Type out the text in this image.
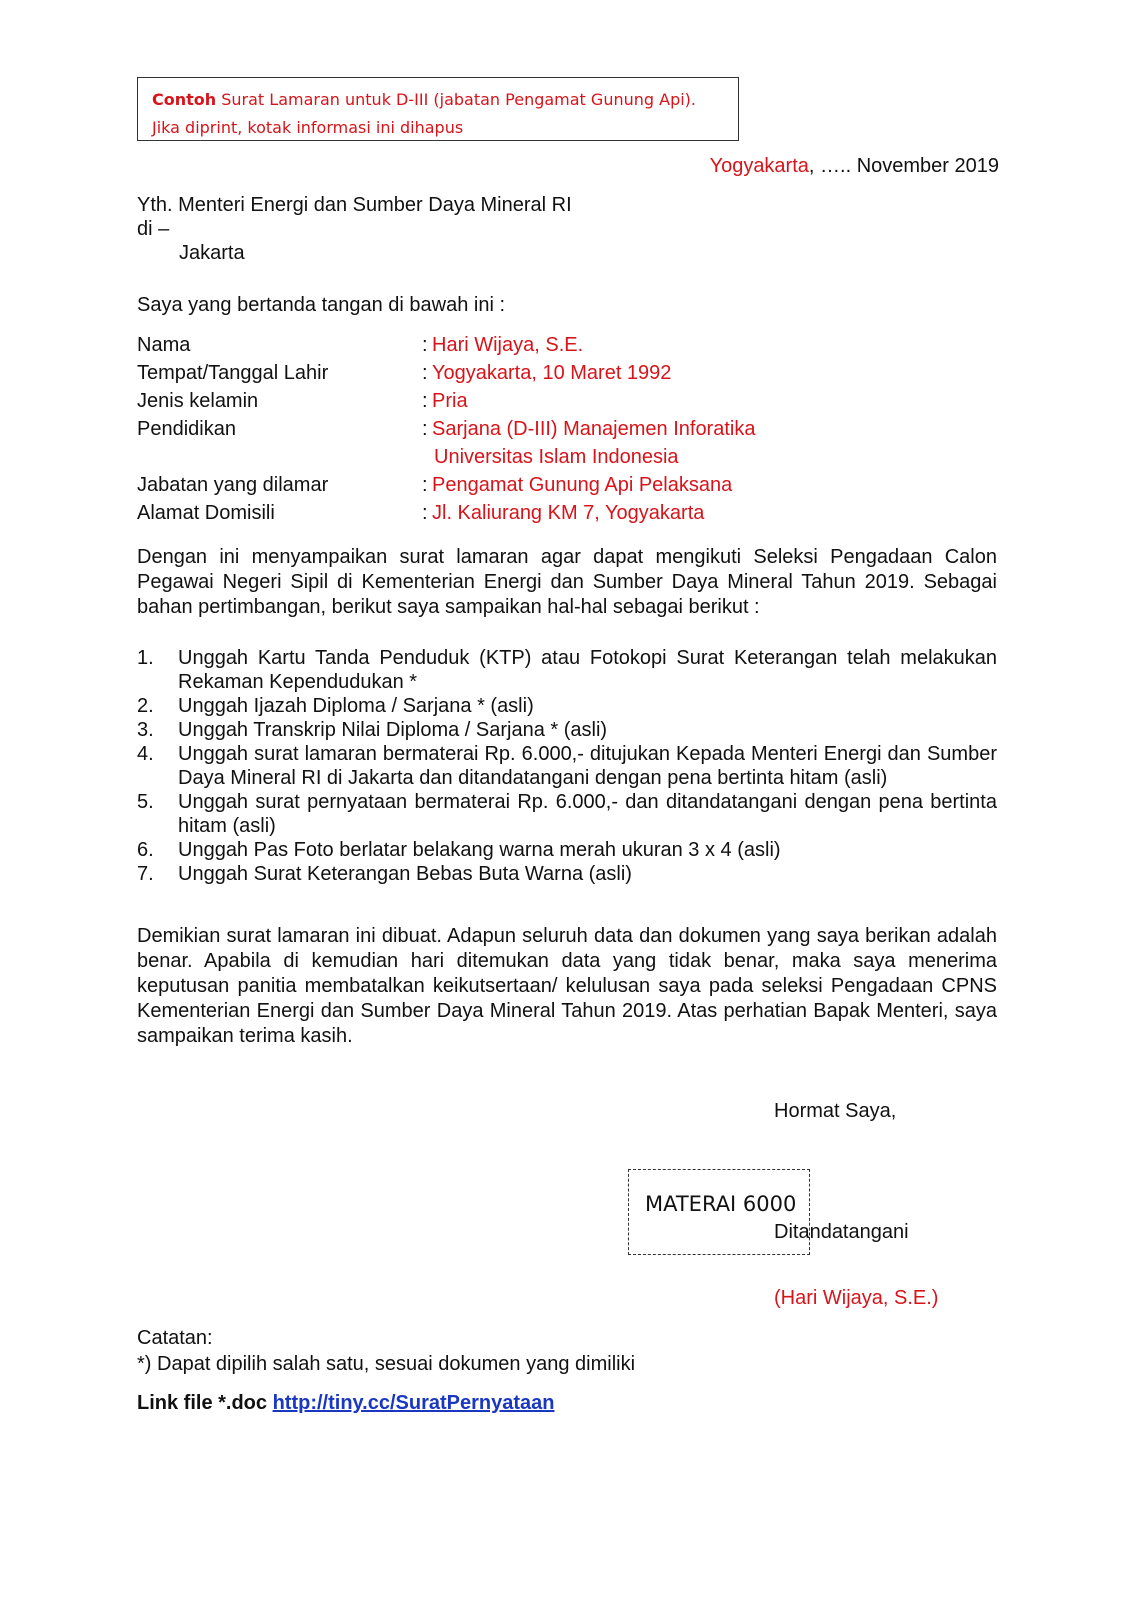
Contoh Surat Lamaran untuk D-III (jabatan Pengamat Gunung Api).
Jika diprint, kotak informasi ini dihapus
Yogyakarta, ….. November 2019
Yth. Menteri Energi dan Sumber Daya Mineral RI
di –
Jakarta
Saya yang bertanda tangan di bawah ini :
Nama	: Hari Wijaya, S.E.
Tempat/Tanggal Lahir	: Yogyakarta, 10 Maret 1992
Jenis kelamin	: Pria
Pendidikan	: Sarjana (D-III) Manajemen Inforatika
Universitas Islam Indonesia
Jabatan yang dilamar	: Pengamat Gunung Api Pelaksana
Alamat Domisili	: Jl. Kaliurang KM 7, Yogyakarta
Dengan ini menyampaikan surat lamaran agar dapat mengikuti Seleksi Pengadaan Calon Pegawai Negeri Sipil di Kementerian Energi dan Sumber Daya Mineral Tahun 2019. Sebagai bahan pertimbangan, berikut saya sampaikan hal-hal sebagai berikut :
1.	Unggah Kartu Tanda Penduduk (KTP) atau Fotokopi Surat Keterangan telah melakukan Rekaman Kependudukan *
2.	Unggah Ijazah Diploma / Sarjana * (asli)
3.	Unggah Transkrip Nilai Diploma / Sarjana * (asli)
4.	Unggah surat lamaran bermaterai Rp. 6.000,- ditujukan Kepada Menteri Energi dan Sumber Daya Mineral RI di Jakarta dan ditandatangani dengan pena bertinta hitam (asli)
5.	Unggah surat pernyataan bermaterai Rp. 6.000,- dan ditandatangani dengan pena bertinta hitam (asli)
6.	Unggah Pas Foto berlatar belakang warna merah ukuran 3 x 4 (asli)
7.	Unggah Surat Keterangan Bebas Buta Warna (asli)
Demikian surat lamaran ini dibuat. Adapun seluruh data dan dokumen yang saya berikan adalah benar. Apabila di kemudian hari ditemukan data yang tidak benar, maka saya menerima keputusan panitia membatalkan keikutsertaan/ kelulusan saya pada seleksi Pengadaan CPNS Kementerian Energi dan Sumber Daya Mineral Tahun 2019. Atas perhatian Bapak Menteri, saya sampaikan terima kasih.
Hormat Saya,
MATERAI 6000
Ditandatangani
(Hari Wijaya, S.E.)
Catatan:
*) Dapat dipilih salah satu, sesuai dokumen yang dimiliki
Link file *.doc http://tiny.cc/SuratPernyataan
